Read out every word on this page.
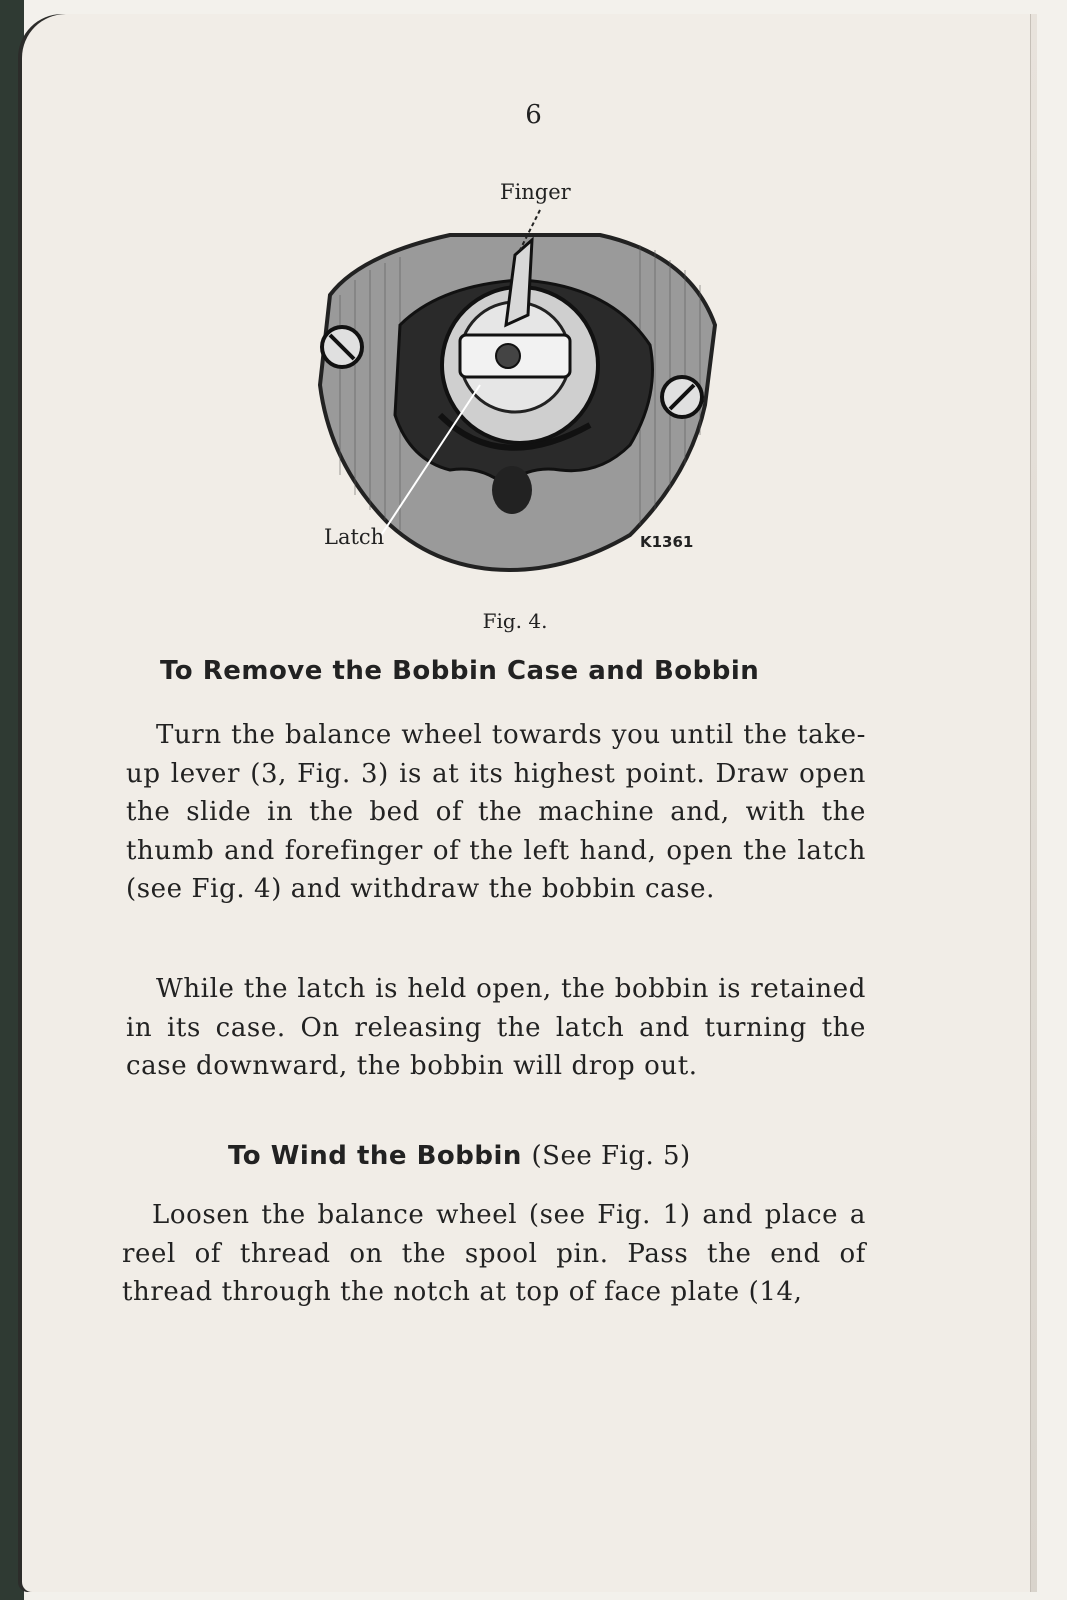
6
Finger
Latch	K1361
Fig. 4.
To Remove the Bobbin Case and Bobbin
Turn the balance wheel towards you until the take-up lever (3, Fig. 3) is at its highest point. Draw open the slide in the bed of the machine and, with the thumb and forefinger of the left hand, open the latch (see Fig. 4) and withdraw the bobbin case.
While the latch is held open, the bobbin is retained in its case. On releasing the latch and turning the case downward, the bobbin will drop out.
To Wind the Bobbin (See Fig. 5)
Loosen the balance wheel (see Fig. 1) and place a reel of thread on the spool pin. Pass the end of thread through the notch at top of face plate (14,
